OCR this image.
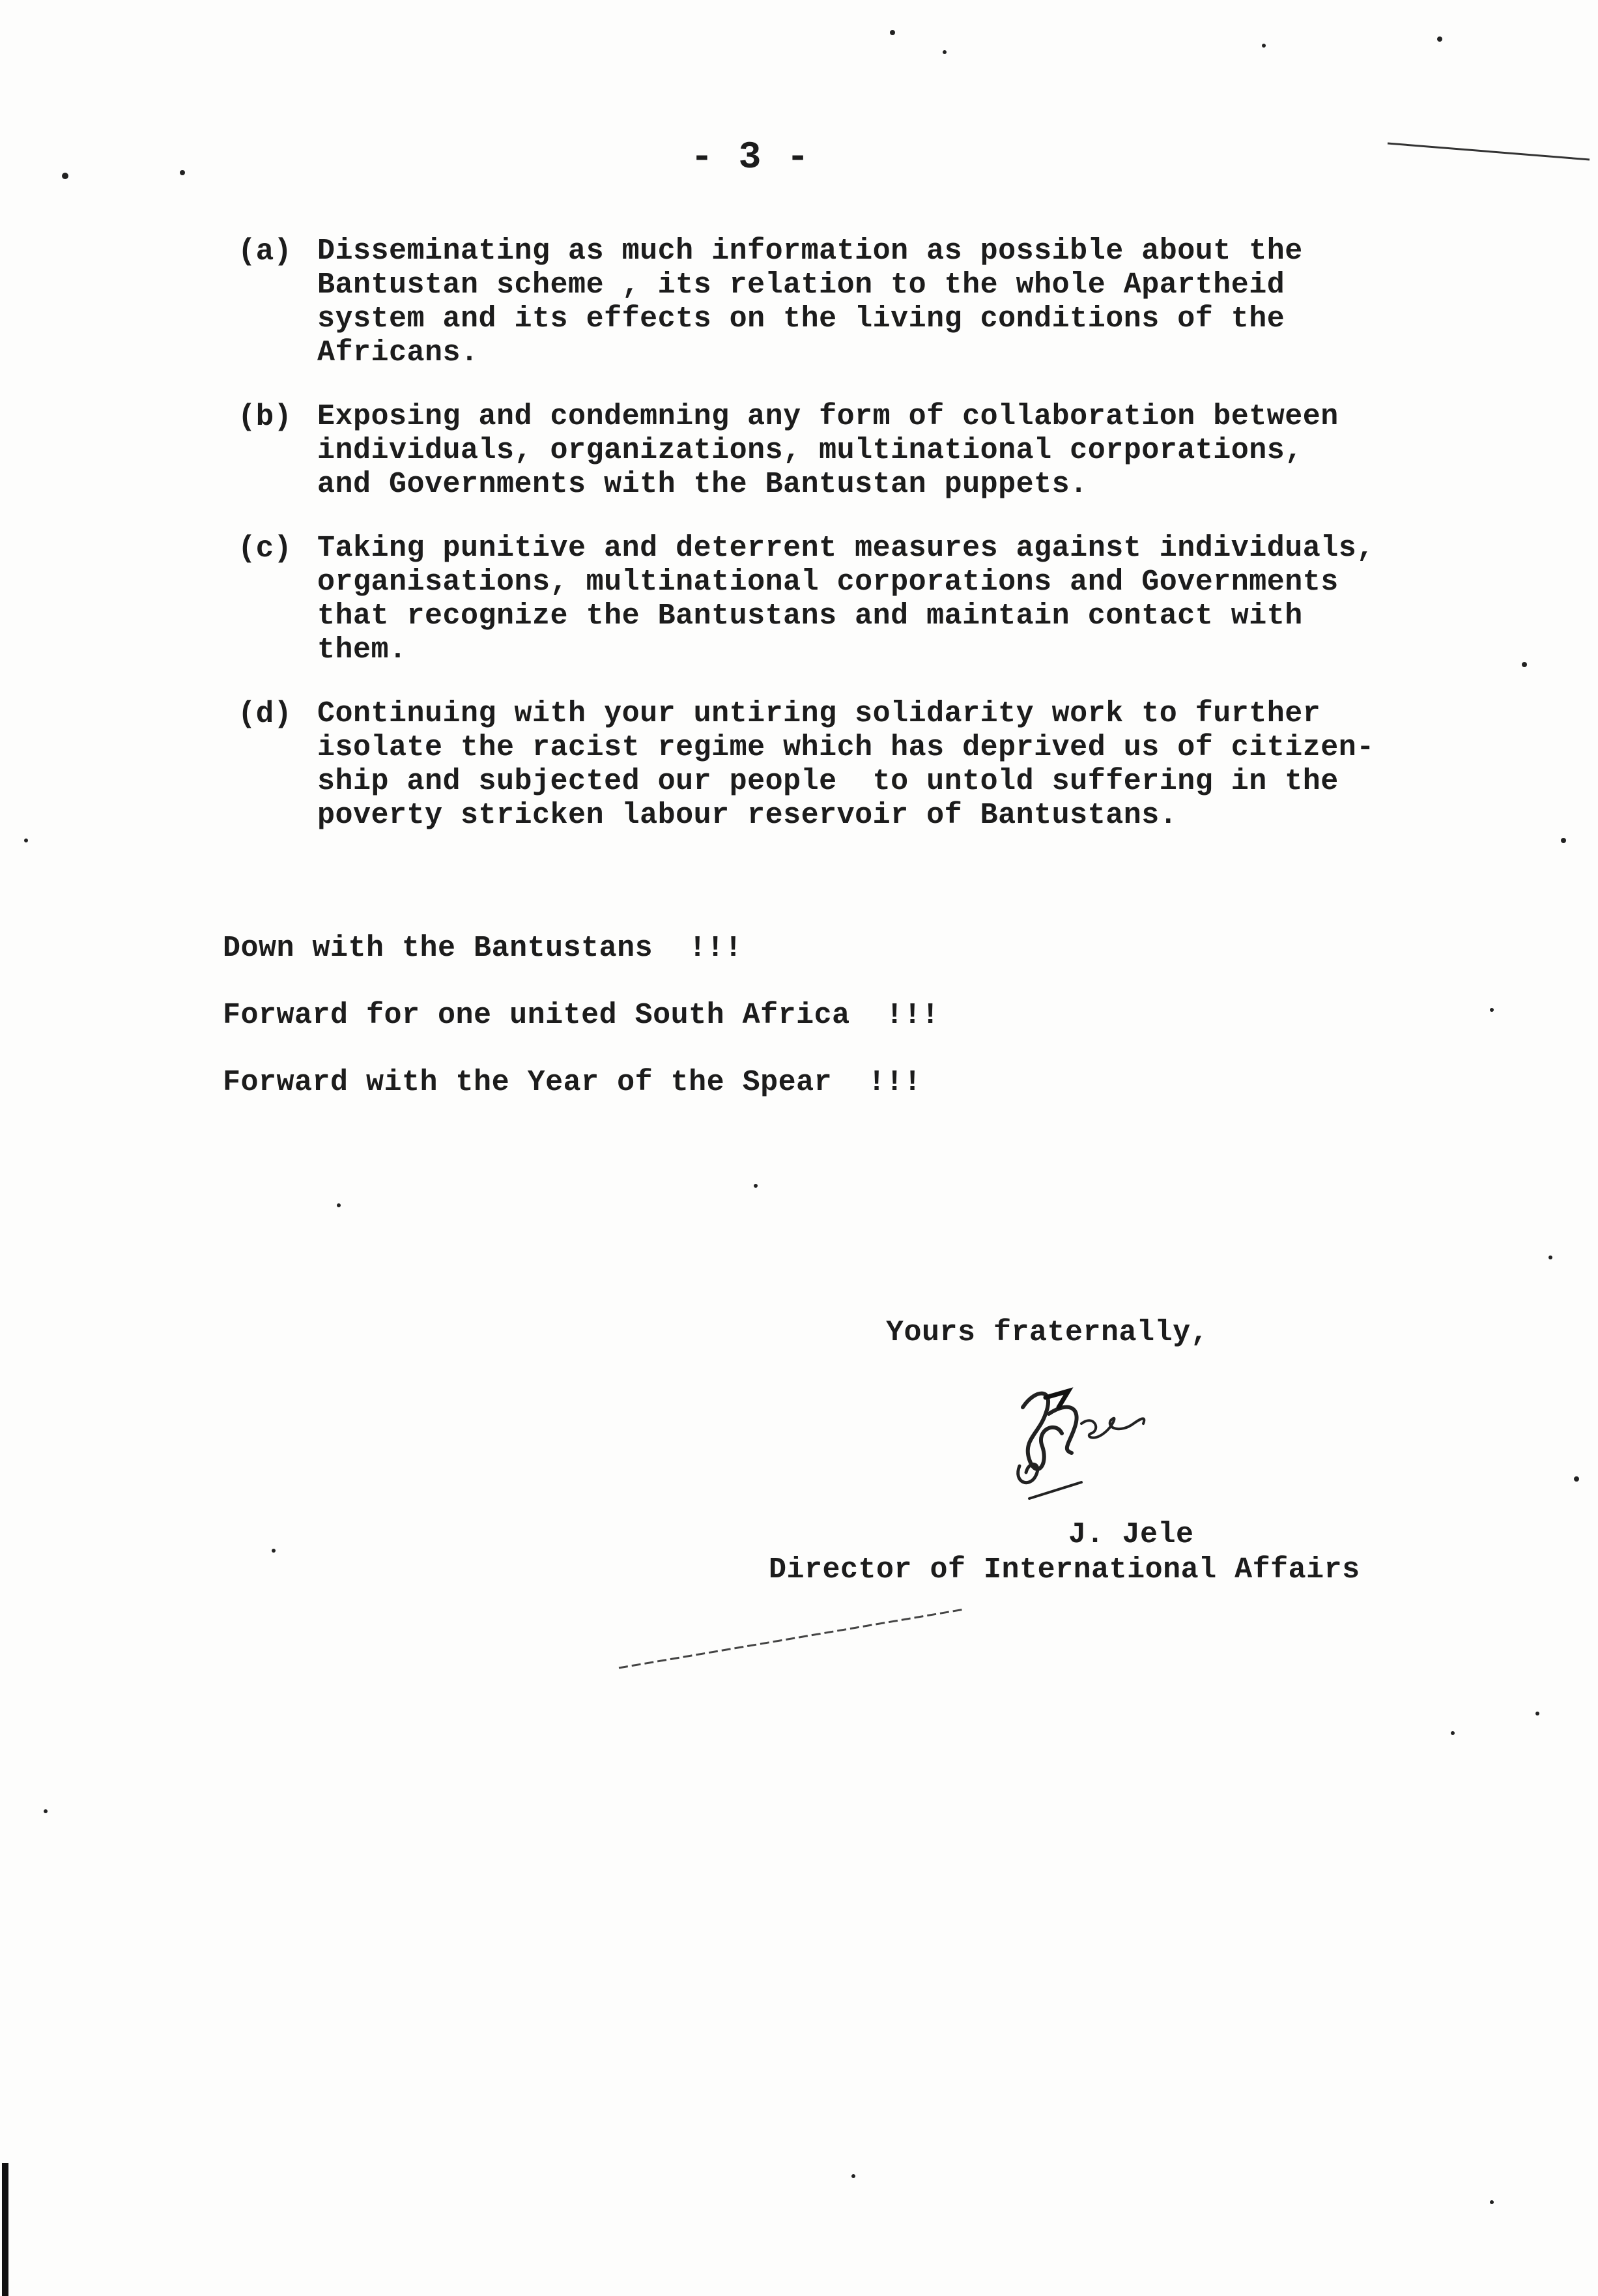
- 3 -
(a) Disseminating as much information as possible about the
Bantustan scheme , its relation to the whole Apartheid
system and its effects on the living conditions of the
Africans.
(b) Exposing and condemning any form of collaboration between
individuals, organizations, multinational corporations,
and Governments with the Bantustan puppets.
(c) Taking punitive and deterrent measures against individuals,
organisations, multinational corporations and Governments
that recognize the Bantustans and maintain contact with
them.
(d) Continuing with your untiring solidarity work to further
isolate the racist regime which has deprived us of citizen-
ship and subjected our people  to untold suffering in the
poverty stricken labour reservoir of Bantustans.
Down with the Bantustans  !!!
Forward for one united South Africa  !!!
Forward with the Year of the Spear  !!!
Yours fraternally,
J. Jele
Director of International Affairs
